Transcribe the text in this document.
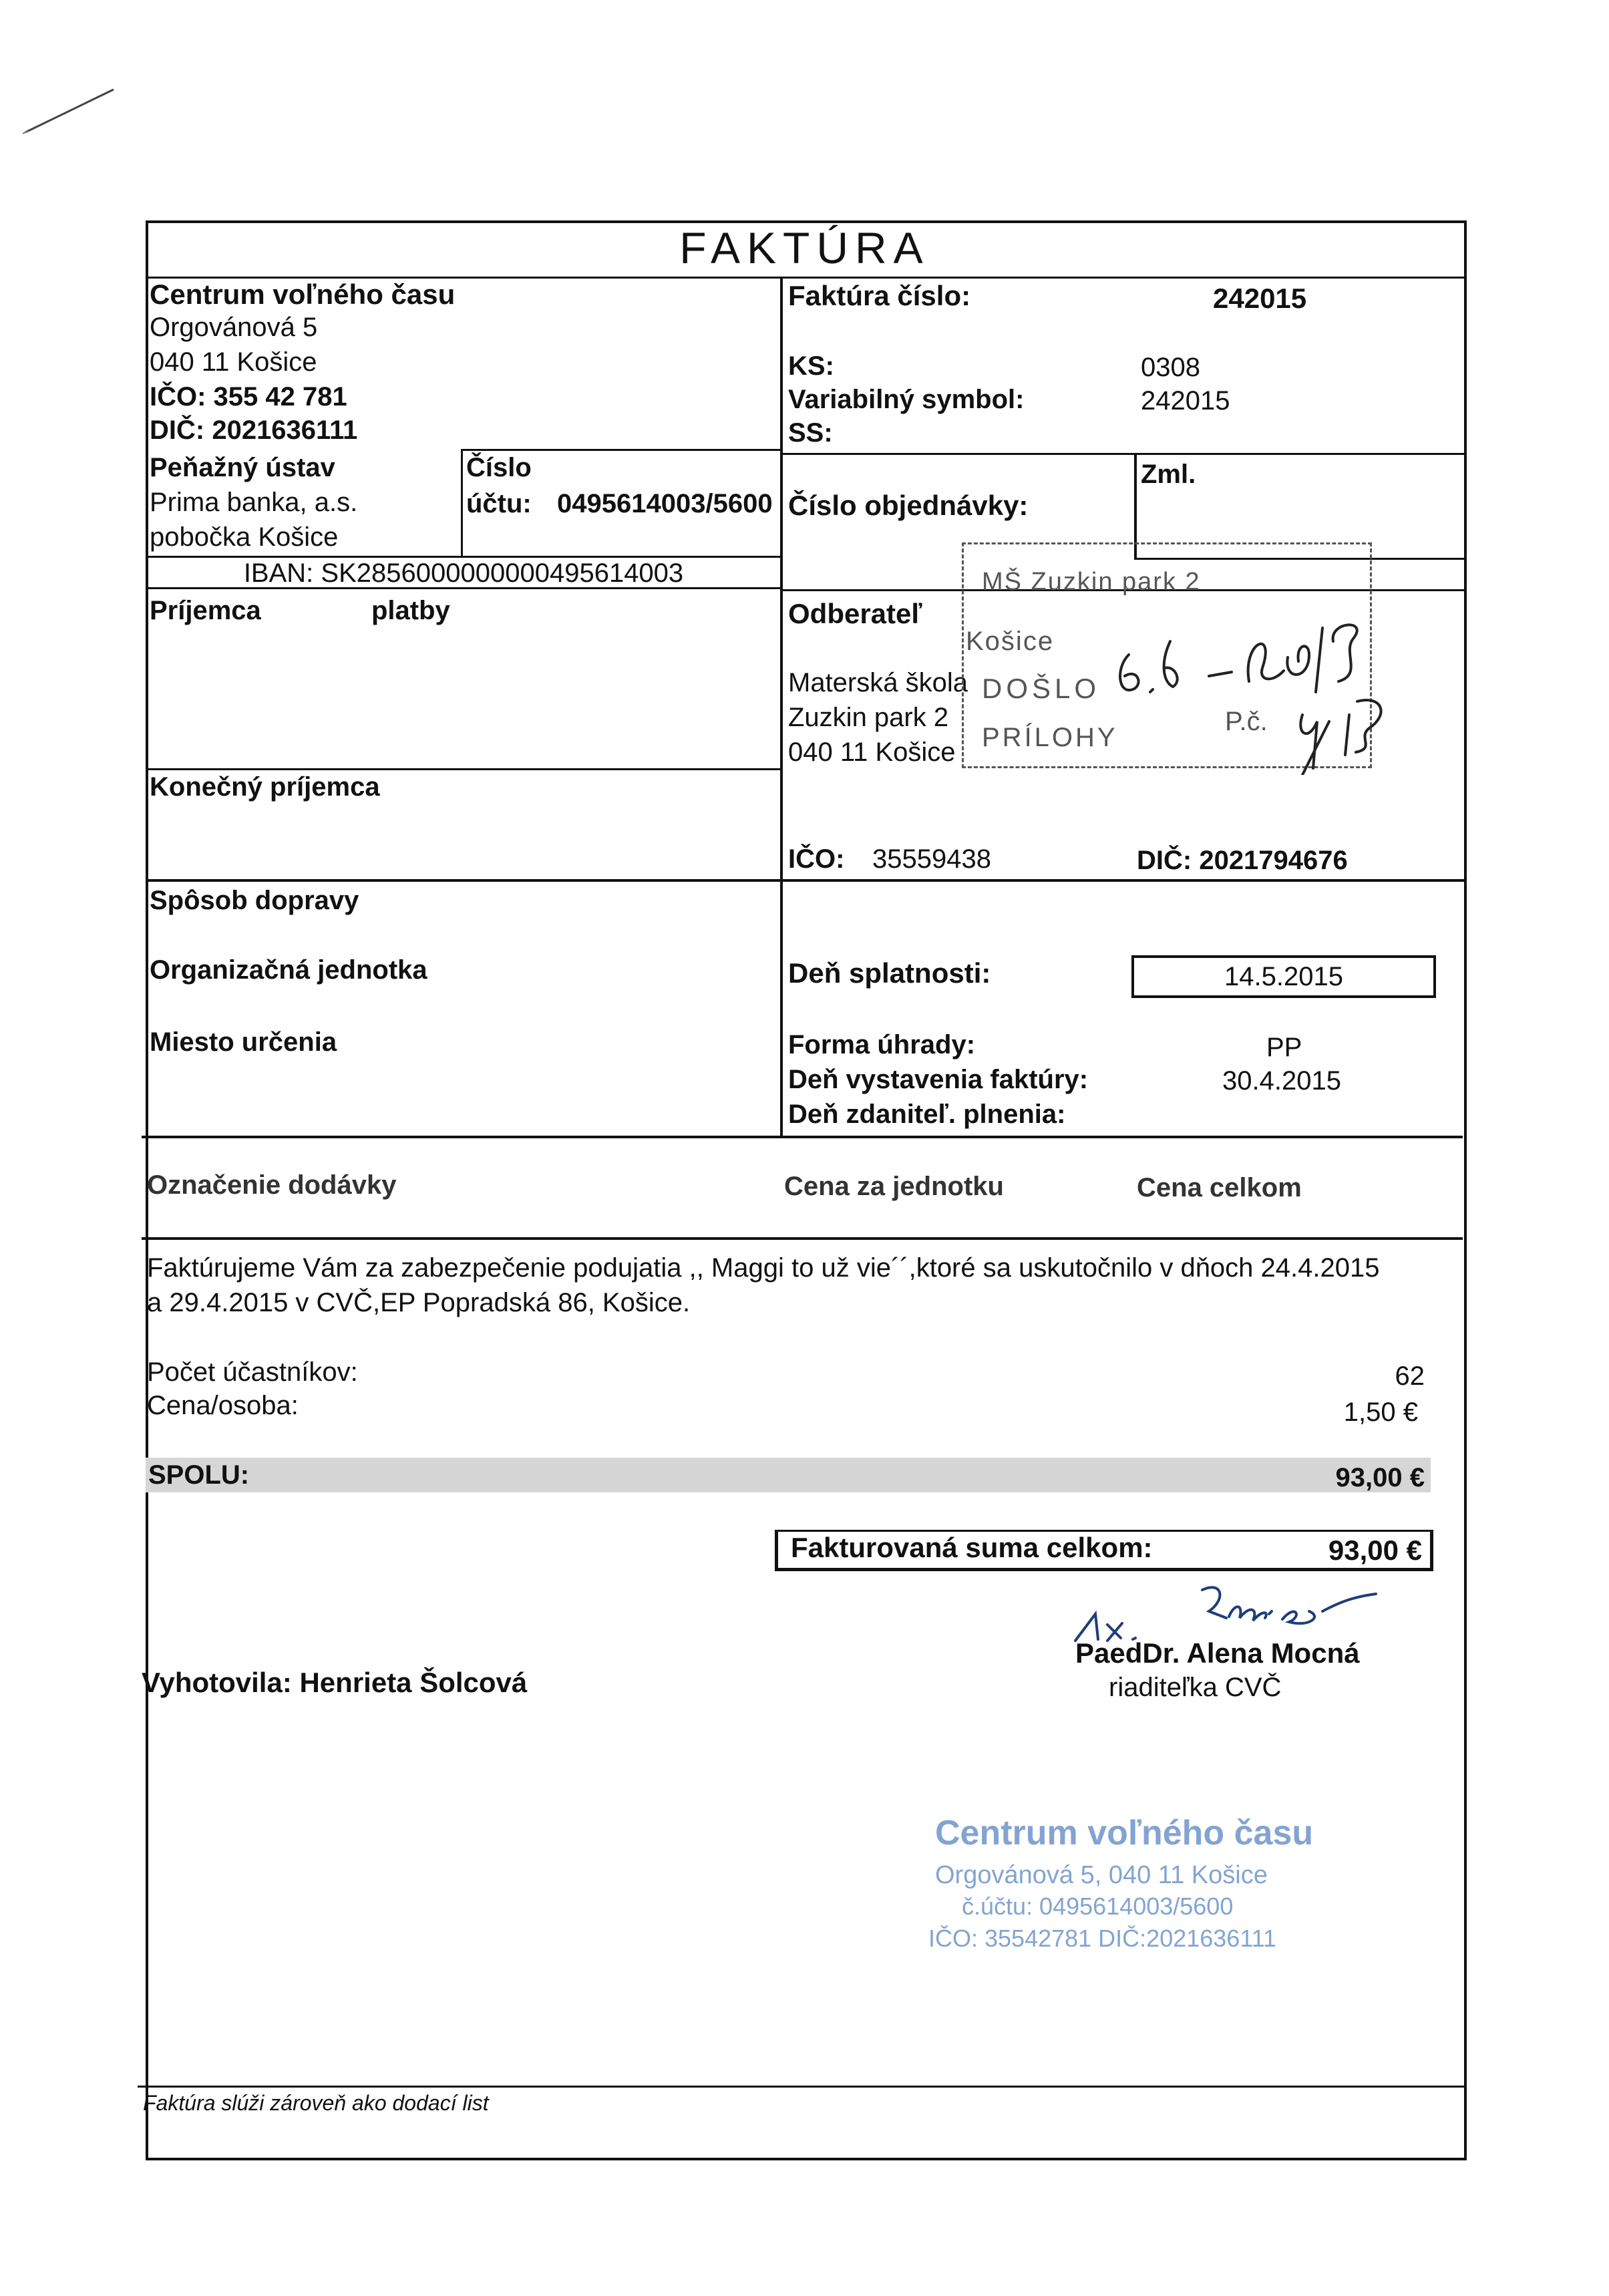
FAKTÚRA
Centrum voľného času
Orgovánová 5
040 11 Košice
IČO: 355 42 781
DIČ: 2021636111
Peňažný ústav
Prima banka, a.s.
pobočka Košice
Číslo
účtu: 0495614003/5600
IBAN: SK2856000000000495614003
Faktúra číslo:	242015
KS:	0308
Variabilný symbol:	242015
SS:
Číslo objednávky:
Zml.
Príjemca	platby
Konečný príjemca
Odberateľ
Materská škola
Zuzkin park 2
040 11 Košice
IČO: 35559438	DIČ: 2021794676
MŠ Zuzkin park 2
Košice
DOŠLO
PRÍLOHY
P.č.
Spôsob dopravy
Organizačná jednotka
Miesto určenia
Deň splatnosti:	14.5.2015
Forma úhrady:	PP
Deň vystavenia faktúry:	30.4.2015
Deň zdaniteľ. plnenia:
Označenie dodávky	Cena za jednotku	Cena celkom
Faktúrujeme Vám za zabezpečenie podujatia ,, Maggi to už vie´´,ktoré sa uskutočnilo v dňoch 24.4.2015
a 29.4.2015 v CVČ,EP Popradská 86, Košice.
Počet účastníkov:	62
Cena/osoba:	1,50 €
SPOLU:	93,00 €
Fakturovaná suma celkom:	93,00 €
Vyhotovila: Henrieta Šolcová
PaedDr. Alena Mocná
riaditeľka CVČ
Centrum voľného času
Orgovánová 5, 040 11 Košice
č.účtu: 0495614003/5600
IČO: 35542781 DIČ:2021636111
Faktúra slúži zároveň ako dodací list
